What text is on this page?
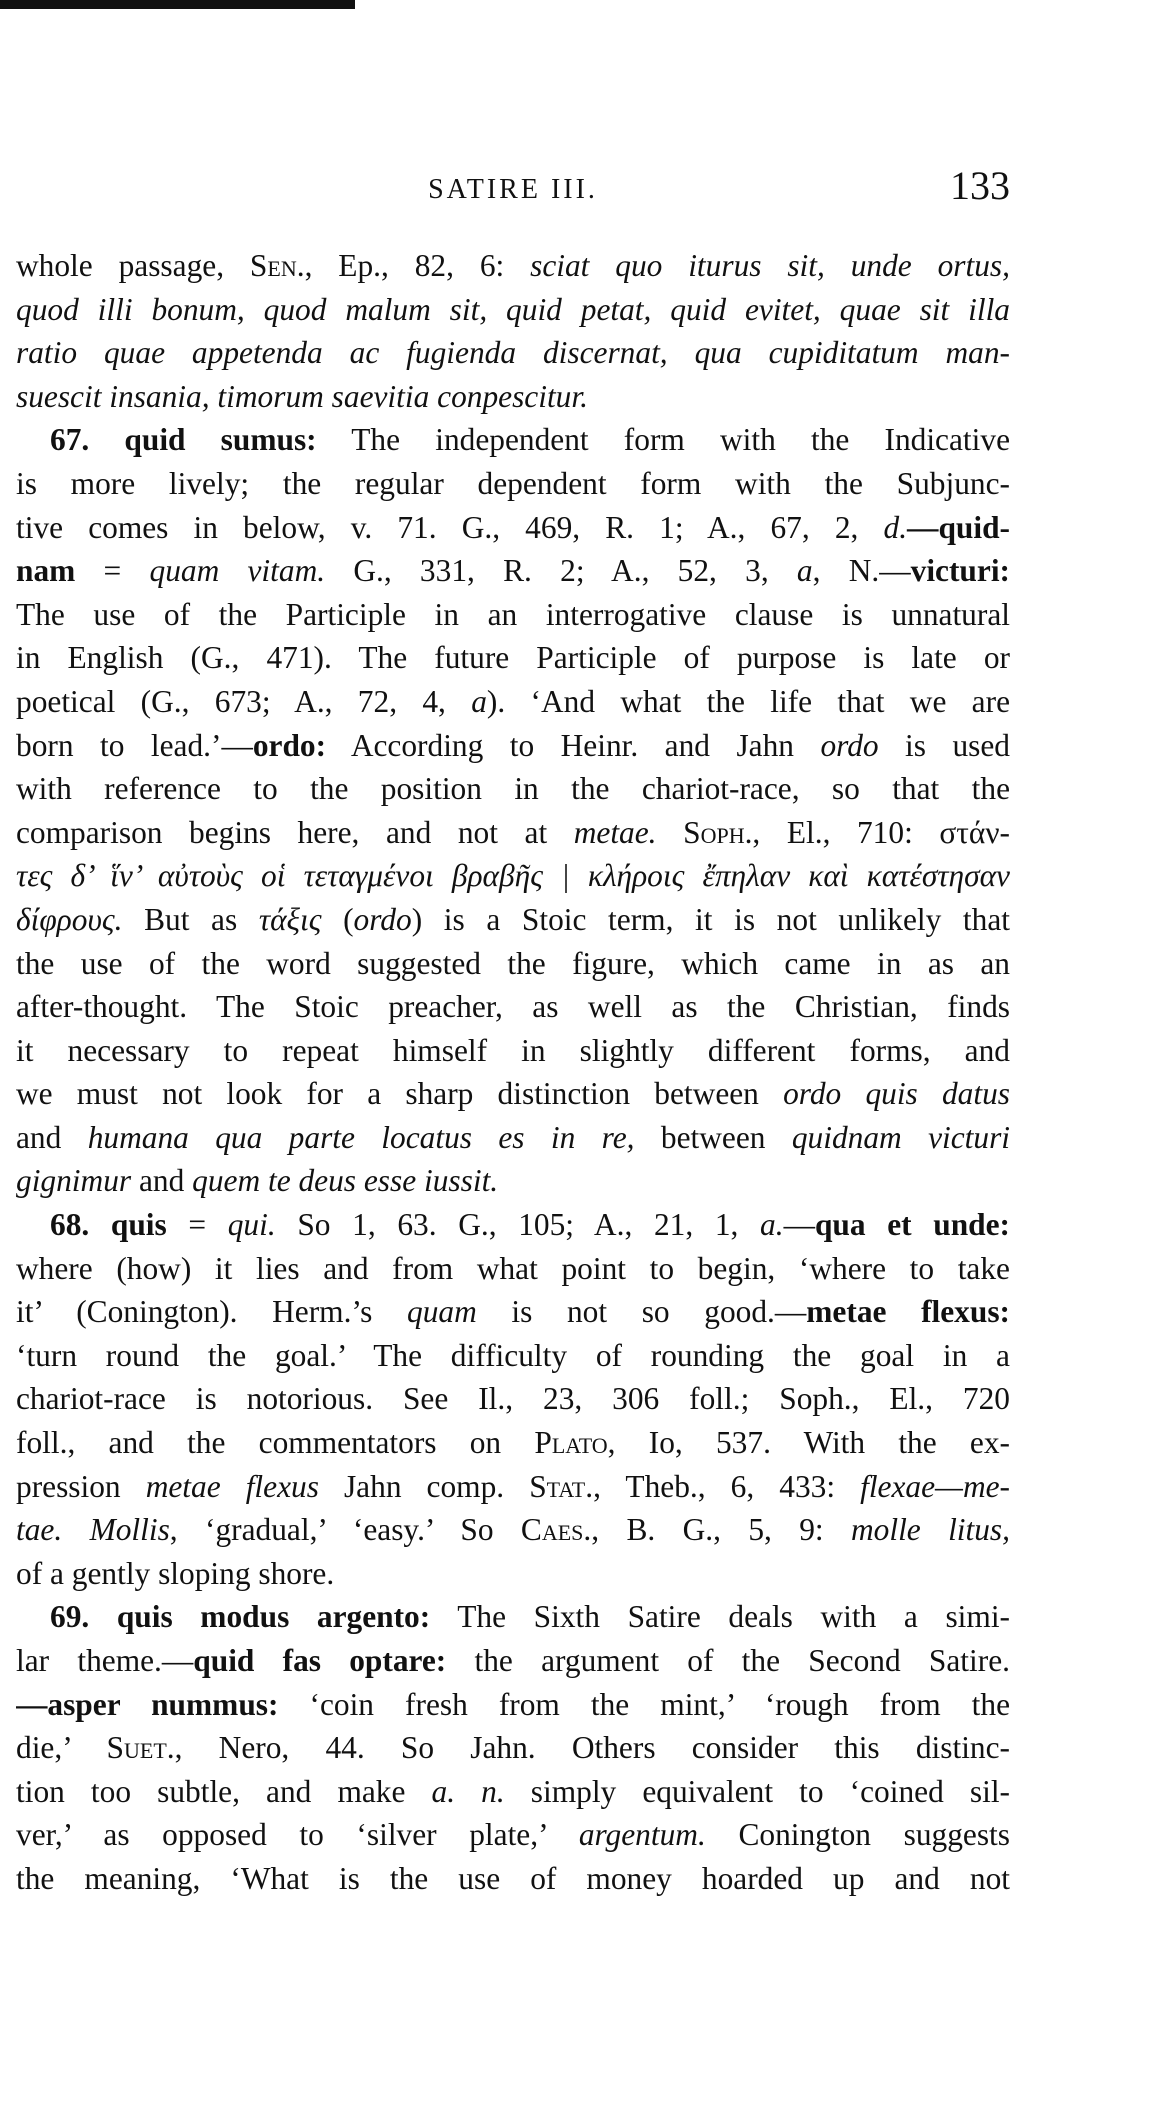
SATIRE III.	133

whole passage, Sen., Ep., 82, 6: sciat quo iturus sit, unde ortus,
quod illi bonum, quod malum sit, quid petat, quid evitet, quae sit illa
ratio quae appetenda ac fugienda discernat, qua cupiditatum man-
suescit insania, timorum saevitia conpescitur.

67. quid sumus: The independent form with the Indicative
is more lively; the regular dependent form with the Subjunc-
tive comes in below, v. 71. G., 469, R. 1; A., 67, 2, d.—quid-
nam = quam vitam. G., 331, R. 2; A., 52, 3, a, N.—victuri:
The use of the Participle in an interrogative clause is unnatural
in English (G., 471). The future Participle of purpose is late or
poetical (G., 673; A., 72, 4, a). ‘And what the life that we are
born to lead.’—ordo: According to Heinr. and Jahn ordo is used
with reference to the position in the chariot-race, so that the
comparison begins here, and not at metae. Soph., El., 710: στάν-
τες δ’ ἵν’ αὐτοὺς οἱ τεταγμένοι βραβῆς | κλήροις ἔπηλαν καὶ κατέστησαν
δίφρους. But as τάξις (ordo) is a Stoic term, it is not unlikely that
the use of the word suggested the figure, which came in as an
after-thought. The Stoic preacher, as well as the Christian, finds
it necessary to repeat himself in slightly different forms, and
we must not look for a sharp distinction between ordo quis datus
and humana qua parte locatus es in re, between quidnam victuri
gignimur and quem te deus esse iussit.

68. quis = qui. So 1, 63. G., 105; A., 21, 1, a.—qua et unde:
where (how) it lies and from what point to begin, ‘where to take
it’ (Conington). Herm.’s quam is not so good.—metae flexus:
‘turn round the goal.’ The difficulty of rounding the goal in a
chariot-race is notorious. See Il., 23, 306 foll.; Soph., El., 720
foll., and the commentators on Plato, Io, 537. With the ex-
pression metae flexus Jahn comp. Stat., Theb., 6, 433: flexae—me-
tae. Mollis, ‘gradual,’ ‘easy.’ So Caes., B. G., 5, 9: molle litus,
of a gently sloping shore.

69. quis modus argento: The Sixth Satire deals with a simi-
lar theme.—quid fas optare: the argument of the Second Satire.
—asper nummus: ‘coin fresh from the mint,’ ‘rough from the
die,’ Suet., Nero, 44. So Jahn. Others consider this distinc-
tion too subtle, and make a. n. simply equivalent to ‘coined sil-
ver,’ as opposed to ‘silver plate,’ argentum. Conington suggests
the meaning, ‘What is the use of money hoarded up and not
